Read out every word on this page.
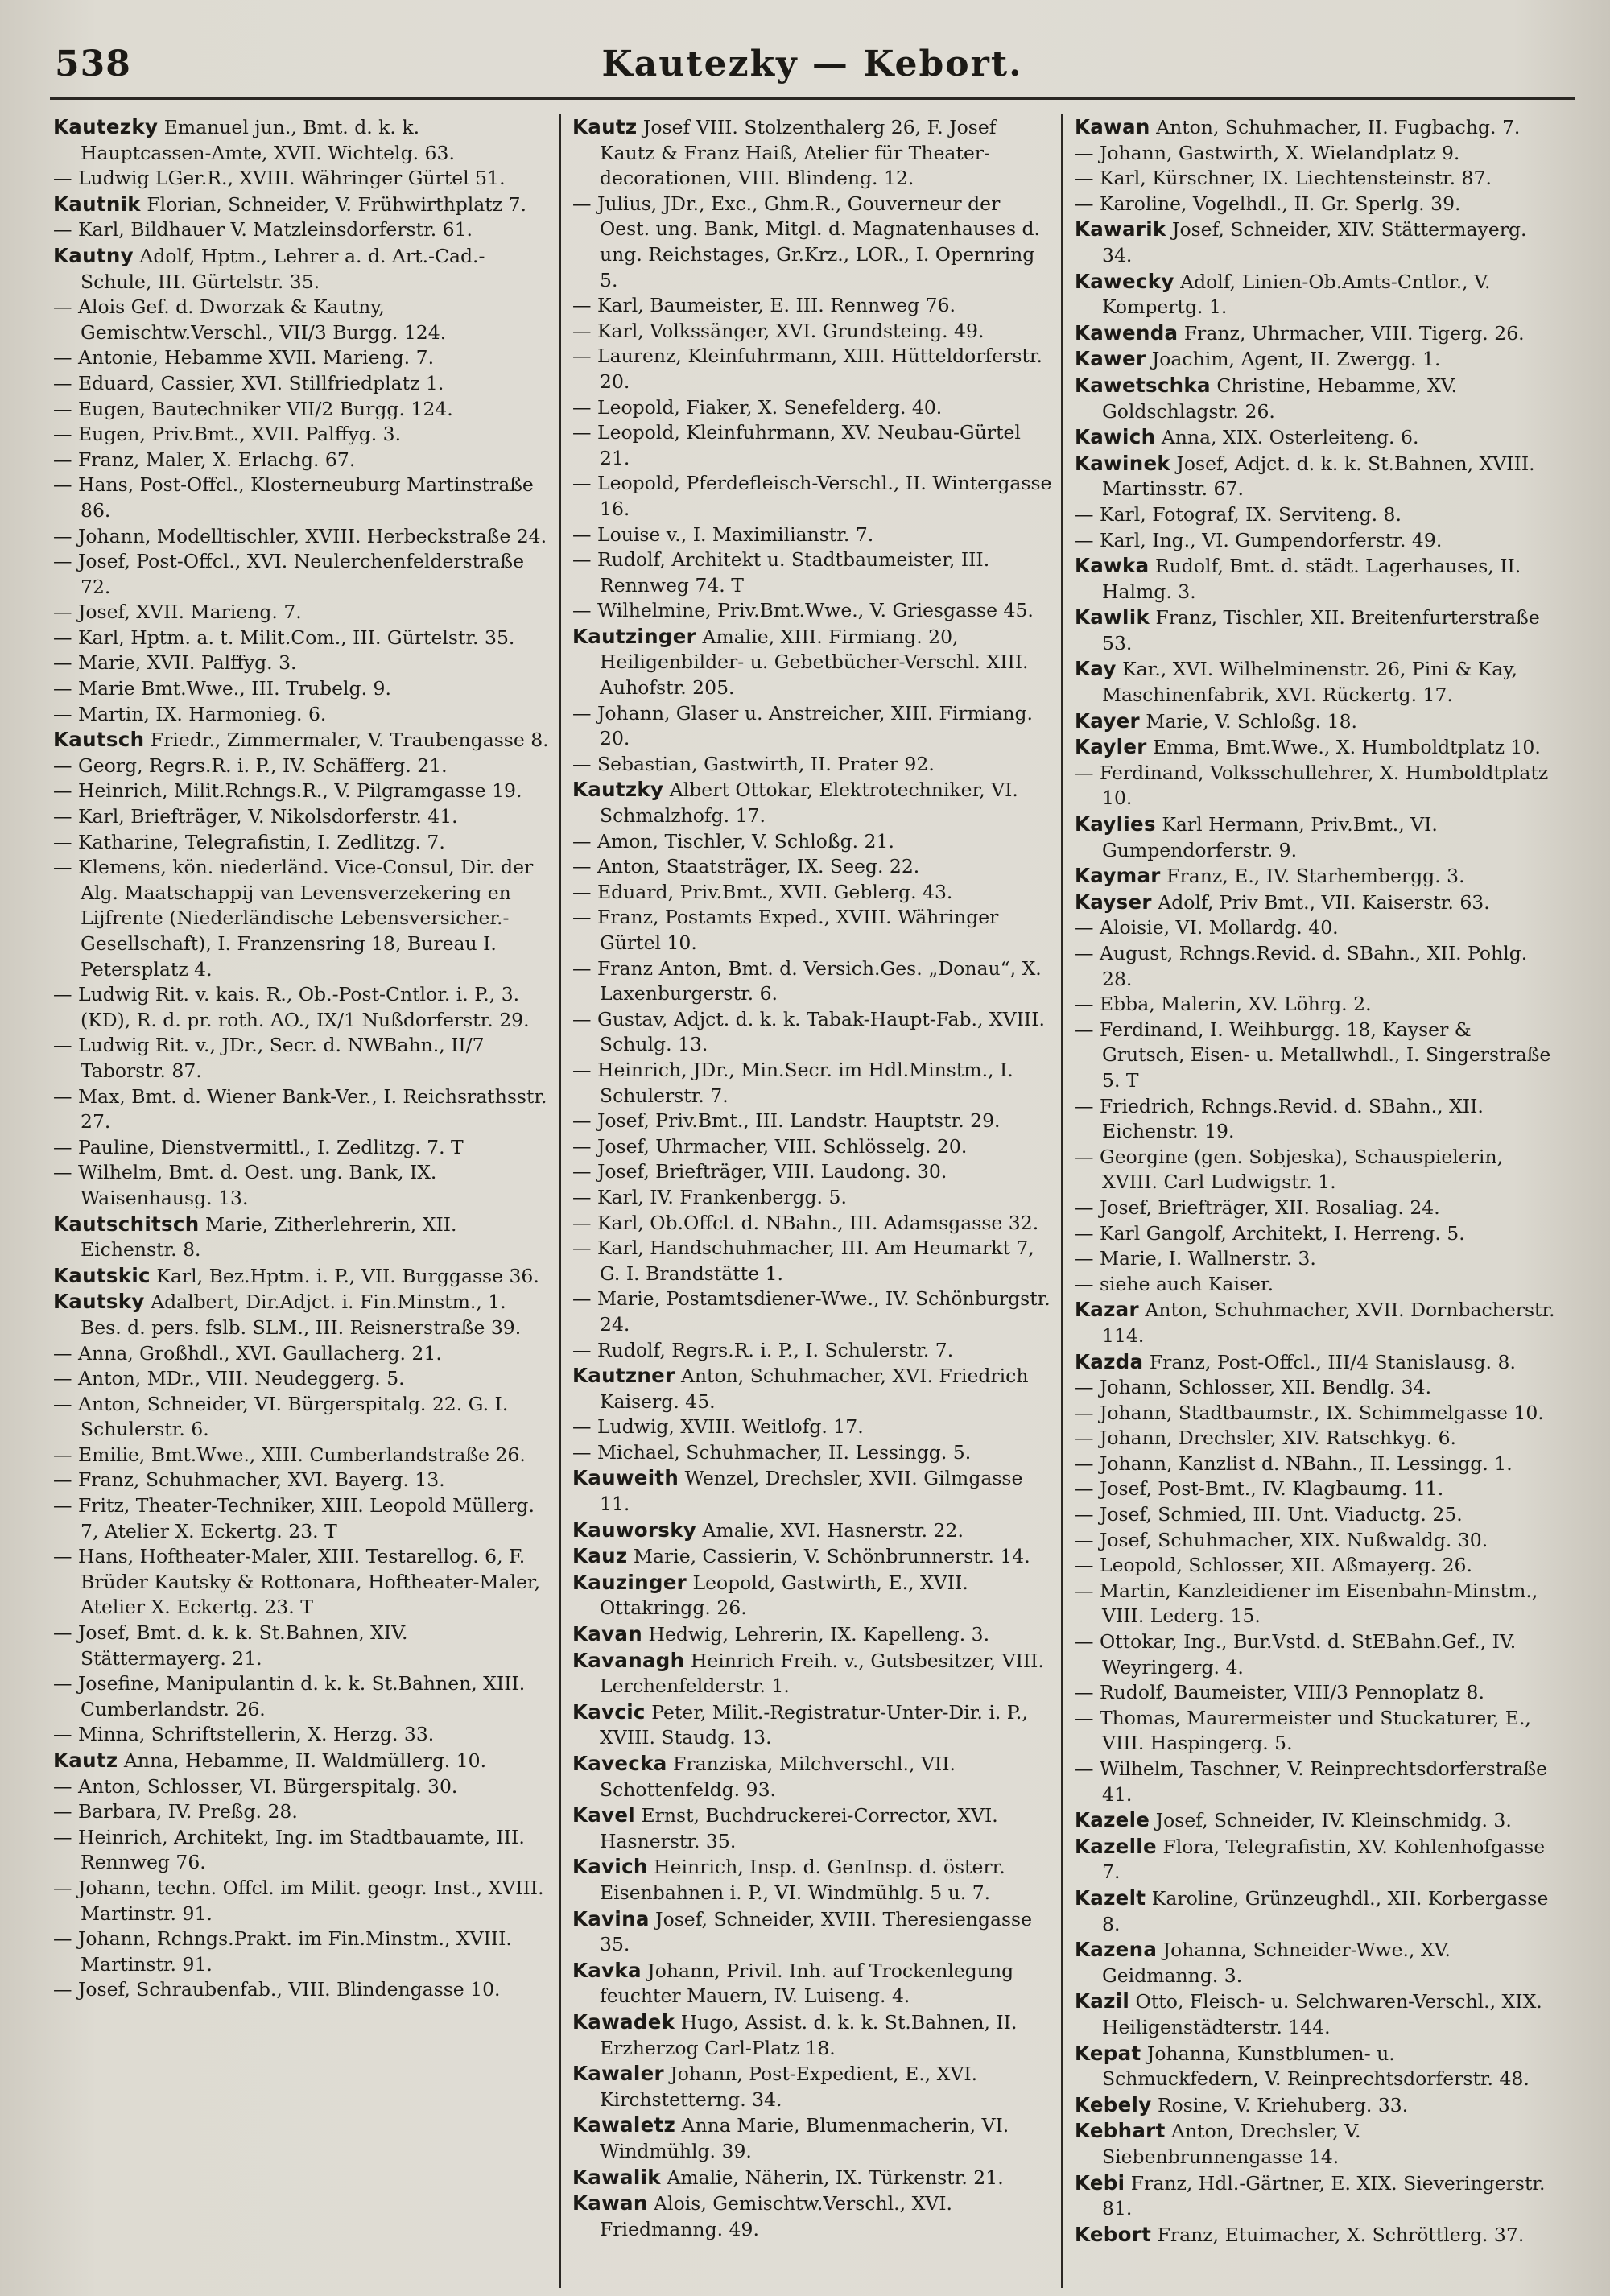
538	Kautezky — Kebort.

Kautezky Emanuel jun., Bmt. d. k. k. Hauptcassen-Amte, XVII. Wichtelg. 63.

— Ludwig LGer.R., XVIII. Währinger Gürtel 51.

Kautnik Florian, Schneider, V. Frühwirthplatz 7.

— Karl, Bildhauer V. Matzleinsdorferstr. 61.

Kautny Adolf, Hptm., Lehrer a. d. Art.-Cad.-Schule, III. Gürtelstr. 35.

— Alois Gef. d. Dworzak & Kautny, Gemischtw.Verschl., VII/3 Burgg. 124.

— Antonie, Hebamme XVII. Marieng. 7.

— Eduard, Cassier, XVI. Stillfriedplatz 1.

— Eugen, Bautechniker VII/2 Burgg. 124.

— Eugen, Priv.Bmt., XVII. Palffyg. 3.

— Franz, Maler, X. Erlachg. 67.

— Hans, Post-Offcl., Klosterneuburg Martinstraße 86.

— Johann, Modelltischler, XVIII. Herbeckstraße 24.

— Josef, Post-Offcl., XVI. Neulerchenfelderstraße 72.

— Josef, XVII. Marieng. 7.

— Karl, Hptm. a. t. Milit.Com., III. Gürtelstr. 35.

— Marie, XVII. Palffyg. 3.

— Marie Bmt.Wwe., III. Trubelg. 9.

— Martin, IX. Harmonieg. 6.

Kautsch Friedr., Zimmermaler, V. Traubengasse 8.

— Georg, Regrs.R. i. P., IV. Schäfferg. 21.

— Heinrich, Milit.Rchngs.R., V. Pilgramgasse 19.

— Karl, Briefträger, V. Nikolsdorferstr. 41.

— Katharine, Telegrafistin, I. Zedlitzg. 7.

— Klemens, kön. niederländ. Vice-Consul, Dir. der Alg. Maatschappij van Levensverzekering en Lijfrente (Niederländische Lebensversicher.-Gesellschaft), I. Franzensring 18, Bureau I. Petersplatz 4.

— Ludwig Rit. v. kais. R., Ob.-Post-Cntlor. i. P., 3. (KD), R. d. pr. roth. AO., IX/1 Nußdorferstr. 29.

— Ludwig Rit. v., JDr., Secr. d. NWBahn., II/7 Taborstr. 87.

— Max, Bmt. d. Wiener Bank-Ver., I. Reichsrathsstr. 27.

— Pauline, Dienstvermittl., I. Zedlitzg. 7. T

— Wilhelm, Bmt. d. Oest. ung. Bank, IX. Waisenhausg. 13.

Kautschitsch Marie, Zitherlehrerin, XII. Eichenstr. 8.

Kautskic Karl, Bez.Hptm. i. P., VII. Burggasse 36.

Kautsky Adalbert, Dir.Adjct. i. Fin.Minstm., 1. Bes. d. pers. fslb. SLM., III. Reisnerstraße 39.

— Anna, Großhdl., XVI. Gaullacherg. 21.

— Anton, MDr., VIII. Neudeggerg. 5.

— Anton, Schneider, VI. Bürgerspitalg. 22. G. I. Schulerstr. 6.

— Emilie, Bmt.Wwe., XIII. Cumberlandstraße 26.

— Franz, Schuhmacher, XVI. Bayerg. 13.

— Fritz, Theater-Techniker, XIII. Leopold Müllerg. 7, Atelier X. Eckertg. 23. T

— Hans, Hoftheater-Maler, XIII. Testarellog. 6, F. Brüder Kautsky & Rottonara, Hoftheater-Maler, Atelier X. Eckertg. 23. T

— Josef, Bmt. d. k. k. St.Bahnen, XIV. Stättermayerg. 21.

— Josefine, Manipulantin d. k. k. St.Bahnen, XIII. Cumberlandstr. 26.

— Minna, Schriftstellerin, X. Herzg. 33.

Kautz Anna, Hebamme, II. Waldmüllerg. 10.

— Anton, Schlosser, VI. Bürgerspitalg. 30.

— Barbara, IV. Preßg. 28.

— Heinrich, Architekt, Ing. im Stadtbauamte, III. Rennweg 76.

— Johann, techn. Offcl. im Milit. geogr. Inst., XVIII. Martinstr. 91.

— Johann, Rchngs.Prakt. im Fin.Minstm., XVIII. Martinstr. 91.

— Josef, Schraubenfab., VIII. Blindengasse 10.

Kautz Josef VIII. Stolzenthalerg 26, F. Josef Kautz & Franz Haiß, Atelier für Theater-decorationen, VIII. Blindeng. 12.

— Julius, JDr., Exc., Ghm.R., Gouverneur der Oest. ung. Bank, Mitgl. d. Magnatenhauses d. ung. Reichstages, Gr.Krz., LOR., I. Opernring 5.

— Karl, Baumeister, E. III. Rennweg 76.

— Karl, Volkssänger, XVI. Grundsteing. 49.

— Laurenz, Kleinfuhrmann, XIII. Hütteldorferstr. 20.

— Leopold, Fiaker, X. Senefelderg. 40.

— Leopold, Kleinfuhrmann, XV. Neubau-Gürtel 21.

— Leopold, Pferdefleisch-Verschl., II. Wintergasse 16.

— Louise v., I. Maximilianstr. 7.

— Rudolf, Architekt u. Stadtbaumeister, III. Rennweg 74. T

— Wilhelmine, Priv.Bmt.Wwe., V. Griesgasse 45.

Kautzinger Amalie, XIII. Firmiang. 20, Heiligenbilder- u. Gebetbücher-Verschl. XIII. Auhofstr. 205.

— Johann, Glaser u. Anstreicher, XIII. Firmiang. 20.

— Sebastian, Gastwirth, II. Prater 92.

Kautzky Albert Ottokar, Elektrotechniker, VI. Schmalzhofg. 17.

— Amon, Tischler, V. Schloßg. 21.

— Anton, Staatsträger, IX. Seeg. 22.

— Eduard, Priv.Bmt., XVII. Geblerg. 43.

— Franz, Postamts Exped., XVIII. Währinger Gürtel 10.

— Franz Anton, Bmt. d. Versich.Ges. „Donau“, X. Laxenburgerstr. 6.

— Gustav, Adjct. d. k. k. Tabak-Haupt-Fab., XVIII. Schulg. 13.

— Heinrich, JDr., Min.Secr. im Hdl.Minstm., I. Schulerstr. 7.

— Josef, Priv.Bmt., III. Landstr. Hauptstr. 29.

— Josef, Uhrmacher, VIII. Schlösselg. 20.

— Josef, Briefträger, VIII. Laudong. 30.

— Karl, IV. Frankenbergg. 5.

— Karl, Ob.Offcl. d. NBahn., III. Adamsgasse 32.

— Karl, Handschuhmacher, III. Am Heumarkt 7, G. I. Brandstätte 1.

— Marie, Postamtsdiener-Wwe., IV. Schönburgstr. 24.

— Rudolf, Regrs.R. i. P., I. Schulerstr. 7.

Kautzner Anton, Schuhmacher, XVI. Friedrich Kaiserg. 45.

— Ludwig, XVIII. Weitlofg. 17.

— Michael, Schuhmacher, II. Lessingg. 5.

Kauweith Wenzel, Drechsler, XVII. Gilmgasse 11.

Kauworsky Amalie, XVI. Hasnerstr. 22.

Kauz Marie, Cassierin, V. Schönbrunnerstr. 14.

Kauzinger Leopold, Gastwirth, E., XVII. Ottakringg. 26.

Kavan Hedwig, Lehrerin, IX. Kapelleng. 3.

Kavanagh Heinrich Freih. v., Gutsbesitzer, VIII. Lerchenfelderstr. 1.

Kavcic Peter, Milit.-Registratur-Unter-Dir. i. P., XVIII. Staudg. 13.

Kavecka Franziska, Milchverschl., VII. Schottenfeldg. 93.

Kavel Ernst, Buchdruckerei-Corrector, XVI. Hasnerstr. 35.

Kavich Heinrich, Insp. d. GenInsp. d. österr. Eisenbahnen i. P., VI. Windmühlg. 5 u. 7.

Kavina Josef, Schneider, XVIII. Theresiengasse 35.

Kavka Johann, Privil. Inh. auf Trockenlegung feuchter Mauern, IV. Luiseng. 4.

Kawadek Hugo, Assist. d. k. k. St.Bahnen, II. Erzherzog Carl-Platz 18.

Kawaler Johann, Post-Expedient, E., XVI. Kirchstetterng. 34.

Kawaletz Anna Marie, Blumenmacherin, VI. Windmühlg. 39.

Kawalik Amalie, Näherin, IX. Türkenstr. 21.

Kawan Alois, Gemischtw.Verschl., XVI. Friedmanng. 49.

Kawan Anton, Schuhmacher, II. Fugbachg. 7.

— Johann, Gastwirth, X. Wielandplatz 9.

— Karl, Kürschner, IX. Liechtensteinstr. 87.

— Karoline, Vogelhdl., II. Gr. Sperlg. 39.

Kawarik Josef, Schneider, XIV. Stättermayerg. 34.

Kawecky Adolf, Linien-Ob.Amts-Cntlor., V. Kompertg. 1.

Kawenda Franz, Uhrmacher, VIII. Tigerg. 26.

Kawer Joachim, Agent, II. Zwergg. 1.

Kawetschka Christine, Hebamme, XV. Goldschlagstr. 26.

Kawich Anna, XIX. Osterleiteng. 6.

Kawinek Josef, Adjct. d. k. k. St.Bahnen, XVIII. Martinsstr. 67.

— Karl, Fotograf, IX. Serviteng. 8.

— Karl, Ing., VI. Gumpendorferstr. 49.

Kawka Rudolf, Bmt. d. städt. Lagerhauses, II. Halmg. 3.

Kawlik Franz, Tischler, XII. Breitenfurterstraße 53.

Kay Kar., XVI. Wilhelminenstr. 26, Pini & Kay, Maschinenfabrik, XVI. Rückertg. 17.

Kayer Marie, V. Schloßg. 18.

Kayler Emma, Bmt.Wwe., X. Humboldtplatz 10.

— Ferdinand, Volksschullehrer, X. Humboldtplatz 10.

Kaylies Karl Hermann, Priv.Bmt., VI. Gumpendorferstr. 9.

Kaymar Franz, E., IV. Starhembergg. 3.

Kayser Adolf, Priv Bmt., VII. Kaiserstr. 63.

— Aloisie, VI. Mollardg. 40.

— August, Rchngs.Revid. d. SBahn., XII. Pohlg. 28.

— Ebba, Malerin, XV. Löhrg. 2.

— Ferdinand, I. Weihburgg. 18, Kayser & Grutsch, Eisen- u. Metallwhdl., I. Singerstraße 5. T

— Friedrich, Rchngs.Revid. d. SBahn., XII. Eichenstr. 19.

— Georgine (gen. Sobjeska), Schauspielerin, XVIII. Carl Ludwigstr. 1.

— Josef, Briefträger, XII. Rosaliag. 24.

— Karl Gangolf, Architekt, I. Herreng. 5.

— Marie, I. Wallnerstr. 3.

— siehe auch Kaiser.

Kazar Anton, Schuhmacher, XVII. Dornbacherstr. 114.

Kazda Franz, Post-Offcl., III/4 Stanislausg. 8.

— Johann, Schlosser, XII. Bendlg. 34.

— Johann, Stadtbaumstr., IX. Schimmelgasse 10.

— Johann, Drechsler, XIV. Ratschkyg. 6.

— Johann, Kanzlist d. NBahn., II. Lessingg. 1.

— Josef, Post-Bmt., IV. Klagbaumg. 11.

— Josef, Schmied, III. Unt. Viaductg. 25.

— Josef, Schuhmacher, XIX. Nußwaldg. 30.

— Leopold, Schlosser, XII. Aßmayerg. 26.

— Martin, Kanzleidiener im Eisenbahn-Minstm., VIII. Lederg. 15.

— Ottokar, Ing., Bur.Vstd. d. StEBahn.Gef., IV. Weyringerg. 4.

— Rudolf, Baumeister, VIII/3 Pennoplatz 8.

— Thomas, Maurermeister und Stuckaturer, E., VIII. Haspingerg. 5.

— Wilhelm, Taschner, V. Reinprechtsdorferstraße 41.

Kazele Josef, Schneider, IV. Kleinschmidg. 3.

Kazelle Flora, Telegrafistin, XV. Kohlenhofgasse 7.

Kazelt Karoline, Grünzeughdl., XII. Korbergasse 8.

Kazena Johanna, Schneider-Wwe., XV. Geidmanng. 3.

Kazil Otto, Fleisch- u. Selchwaren-Verschl., XIX. Heiligenstädterstr. 144.

Kepat Johanna, Kunstblumen- u. Schmuckfedern, V. Reinprechtsdorferstr. 48.

Kebely Rosine, V. Kriehuberg. 33.

Kebhart Anton, Drechsler, V. Siebenbrunnengasse 14.

Kebi Franz, Hdl.-Gärtner, E. XIX. Sieveringerstr. 81.

Kebort Franz, Etuimacher, X. Schröttlerg. 37.
